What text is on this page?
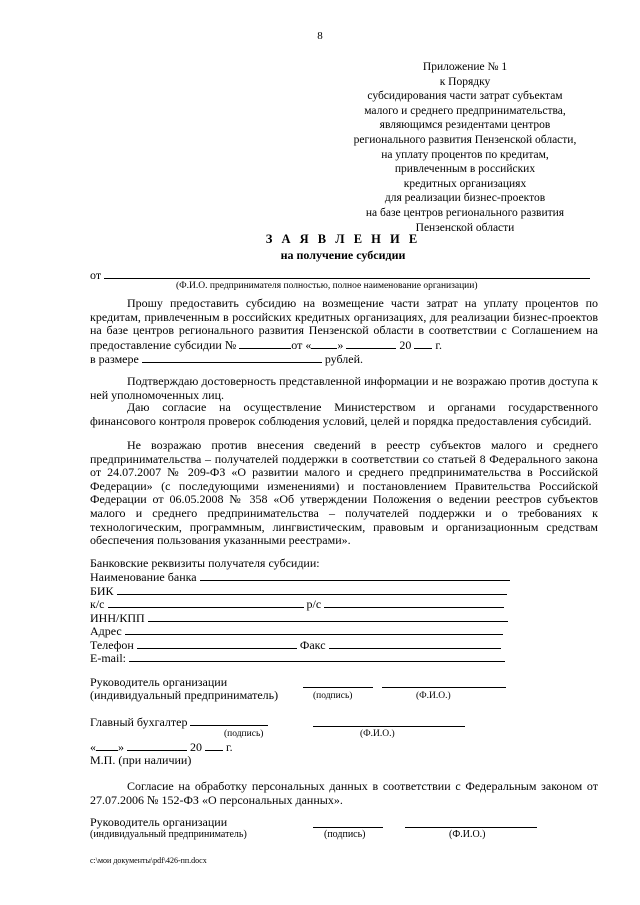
8
Приложение № 1
к Порядку
субсидирования части затрат субъектам
малого и среднего предпринимательства,
являющимся резидентами центров
регионального развития Пензенской области,
на уплату процентов по кредитам,
привлеченным в российских
кредитных организациях
для реализации бизнес-проектов
на базе центров регионального развития
Пензенской области
З А Я В Л Е Н И Е
на получение субсидии
от
(Ф.И.О. предпринимателя полностью, полное наименование организации)
Прошу предоставить субсидию на возмещение части затрат на уплату процентов по кредитам, привлеченным в российских кредитных организациях, для реализации бизнес-проектов на базе центров регионального развития Пензенской области в соответствии с Соглашением на предоставление субсидии №	от « »	20 г.
в размере	рублей.
Подтверждаю достоверность представленной информации и не возражаю против доступа к ней уполномоченных лиц.
Даю согласие на осуществление Министерством и органами государственного финансового контроля проверок соблюдения условий, целей и порядка предоставления субсидий.
Не возражаю против внесения сведений в реестр субъектов малого и среднего предпринимательства – получателей поддержки в соответствии со статьей 8 Федерального закона от 24.07.2007 № 209-ФЗ «О развитии малого и среднего предпринимательства в Российской Федерации» (с последующими изменениями) и постановлением Правительства Российской Федерации от 06.05.2008 № 358 «Об утверждении Положения о ведении реестров субъектов малого и среднего предпринимательства – получателей поддержки и о требованиях к технологическим, программным, лингвистическим, правовым и организационным средствам обеспечения пользования указанными реестрами».
Банковские реквизиты получателя субсидии:
Наименование банка
БИК
к/с	р/с
ИНН/КПП
Адрес
Телефон	Факс
E-mail:
Руководитель организации
(индивидуальный предприниматель)	(подпись)	(Ф.И.О.)
Главный бухгалтер
(подпись)	(Ф.И.О.)
« »	20 г.
М.П. (при наличии)
Согласие на обработку персональных данных в соответствии с Федеральным законом от 27.07.2006 № 152-ФЗ «О персональных данных».
Руководитель организации
(индивидуальный предприниматель)	(подпись)	(Ф.И.О.)
c:\мои документы\pdf\426-пп.docx
